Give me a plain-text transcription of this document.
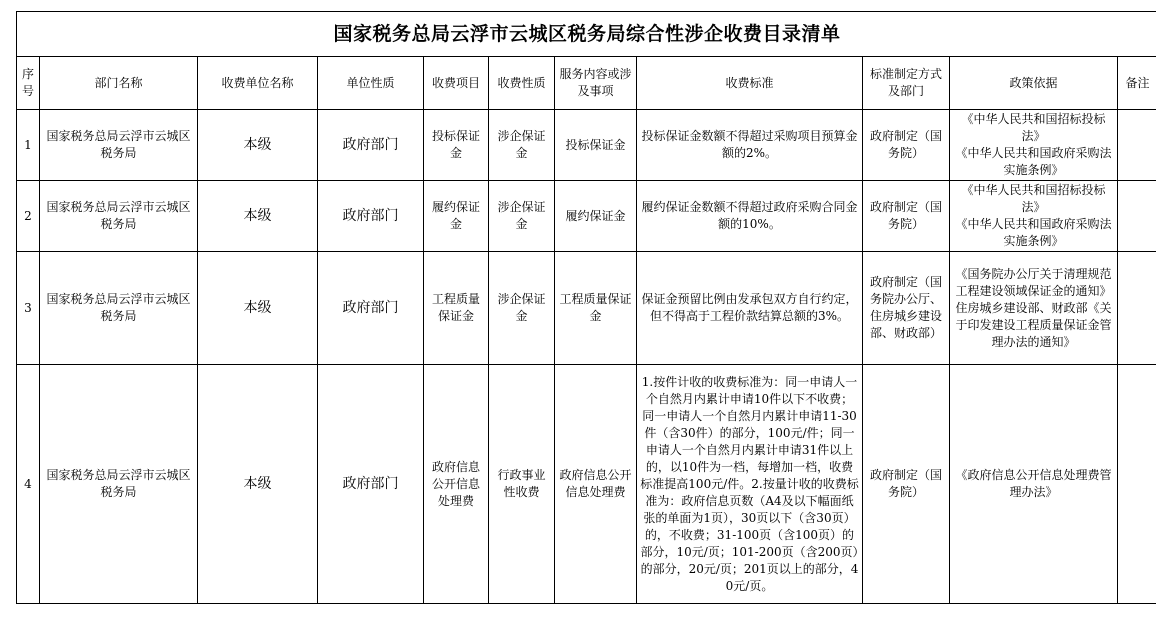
国家税务总局云浮市云城区税务局综合性涉企收费目录清单										
序号	部门名称	收费单位名称	单位性质	收费项目	收费性质	服务内容或涉及事项	收费标准	标准制定方式及部门	政策依据	备注
1	国家税务总局云浮市云城区税务局	本级	政府部门	投标保证金	涉企保证金	投标保证金	投标保证金数额不得超过采购项目预算金额的2%。	政府制定（国务院）	《中华人民共和国招标投标法》
《中华人民共和国政府采购法实施条例》	

2	国家税务总局云浮市云城区税务局	本级	政府部门	履约保证金	涉企保证金	履约保证金	履约保证金数额不得超过政府采购合同金额的10%。	政府制定（国务院）	《中华人民共和国招标投标法》
《中华人民共和国政府采购法实施条例》	

3	国家税务总局云浮市云城区税务局	本级	政府部门	工程质量保证金	涉企保证金	工程质量保证金	保证金预留比例由发承包双方自行约定，但不得高于工程价款结算总额的3%。	政府制定（国务院办公厅、住房城乡建设部、财政部）	《国务院办公厅关于清理规范工程建设领域保证金的通知》
住房城乡建设部、财政部《关于印发建设工程质量保证金管理办法的通知》	

4	国家税务总局云浮市云城区税务局	本级	政府部门	政府信息公开信息处理费	行政事业性收费	政府信息公开信息处理费	1.按件计收的收费标准为：同一申请人一个自然月内累计申请10件以下不收费；同一申请人一个自然月内累计申请11-30件（含30件）的部分，100元/件；同一申请人一个自然月内累计申请31件以上的，以10件为一档，每增加一档，收费标准提高100元/件。2.按量计收的收费标准为：政府信息页数（A4及以下幅面纸张的单面为1页），30页以下（含30页）的，不收费；31-100页（含100页）的部分，10元/页；101-200页（含200页）的部分，20元/页；201页以上的部分，40元/页。	政府制定（国务院）	《政府信息公开信息处理费管理办法》	
